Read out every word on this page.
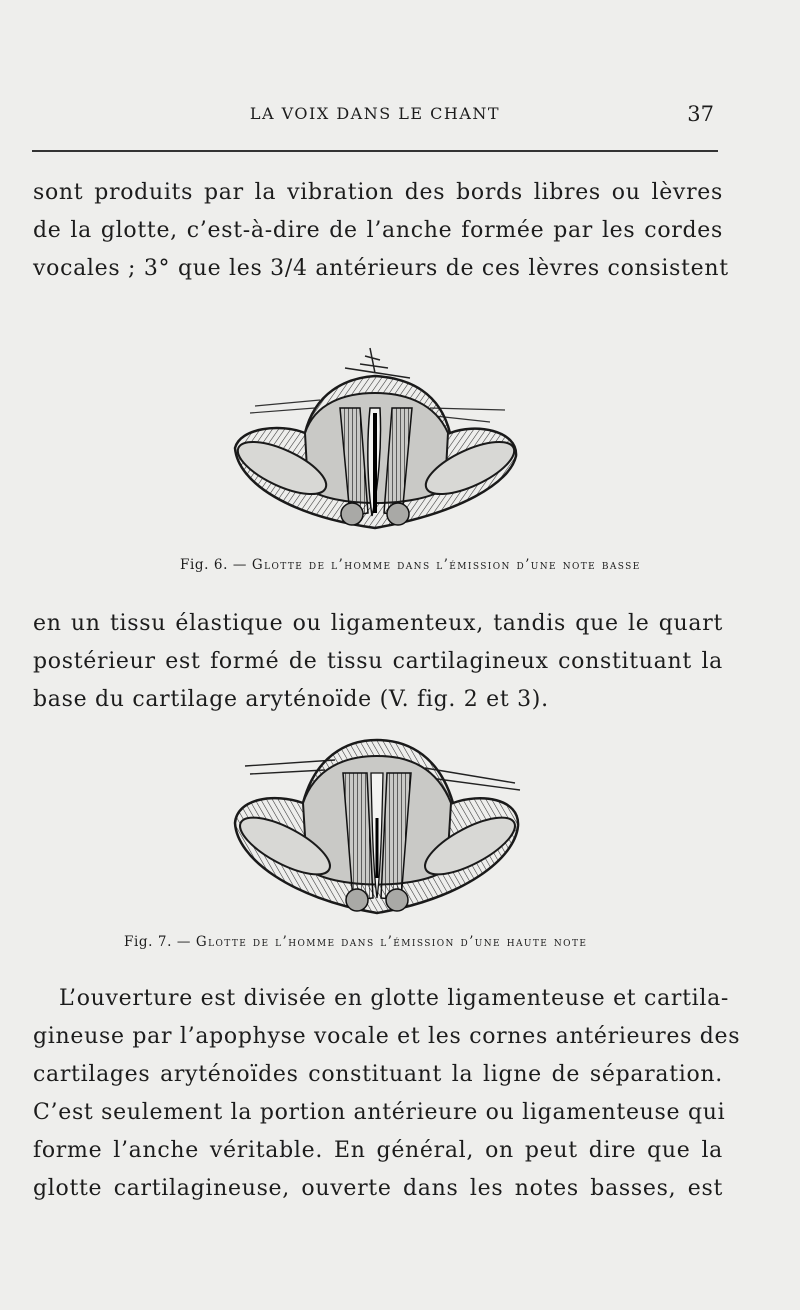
LA VOIX DANS LE CHANT	37

sont produits par la vibration des bords libres ou lèvres
de la glotte, c’est-à-dire de l’anche formée par les cordes
vocales ; 3° que les 3/4 antérieurs de ces lèvres consistent

Fig. 6. — Glotte de l’homme dans l’émission d’une note basse

en un tissu élastique ou ligamenteux, tandis que le quart
postérieur est formé de tissu cartilagineux constituant la
base du cartilage aryténoïde (V. fig. 2 et 3).

Fig. 7. — Glotte de l’homme dans l’émission d’une haute note

L’ouverture est divisée en glotte ligamenteuse et cartila-
gineuse par l’apophyse vocale et les cornes antérieures des
cartilages aryténoïdes constituant la ligne de séparation.
C’est seulement la portion antérieure ou ligamenteuse qui
forme l’anche véritable. En général, on peut dire que la
glotte cartilagineuse, ouverte dans les notes basses, est
